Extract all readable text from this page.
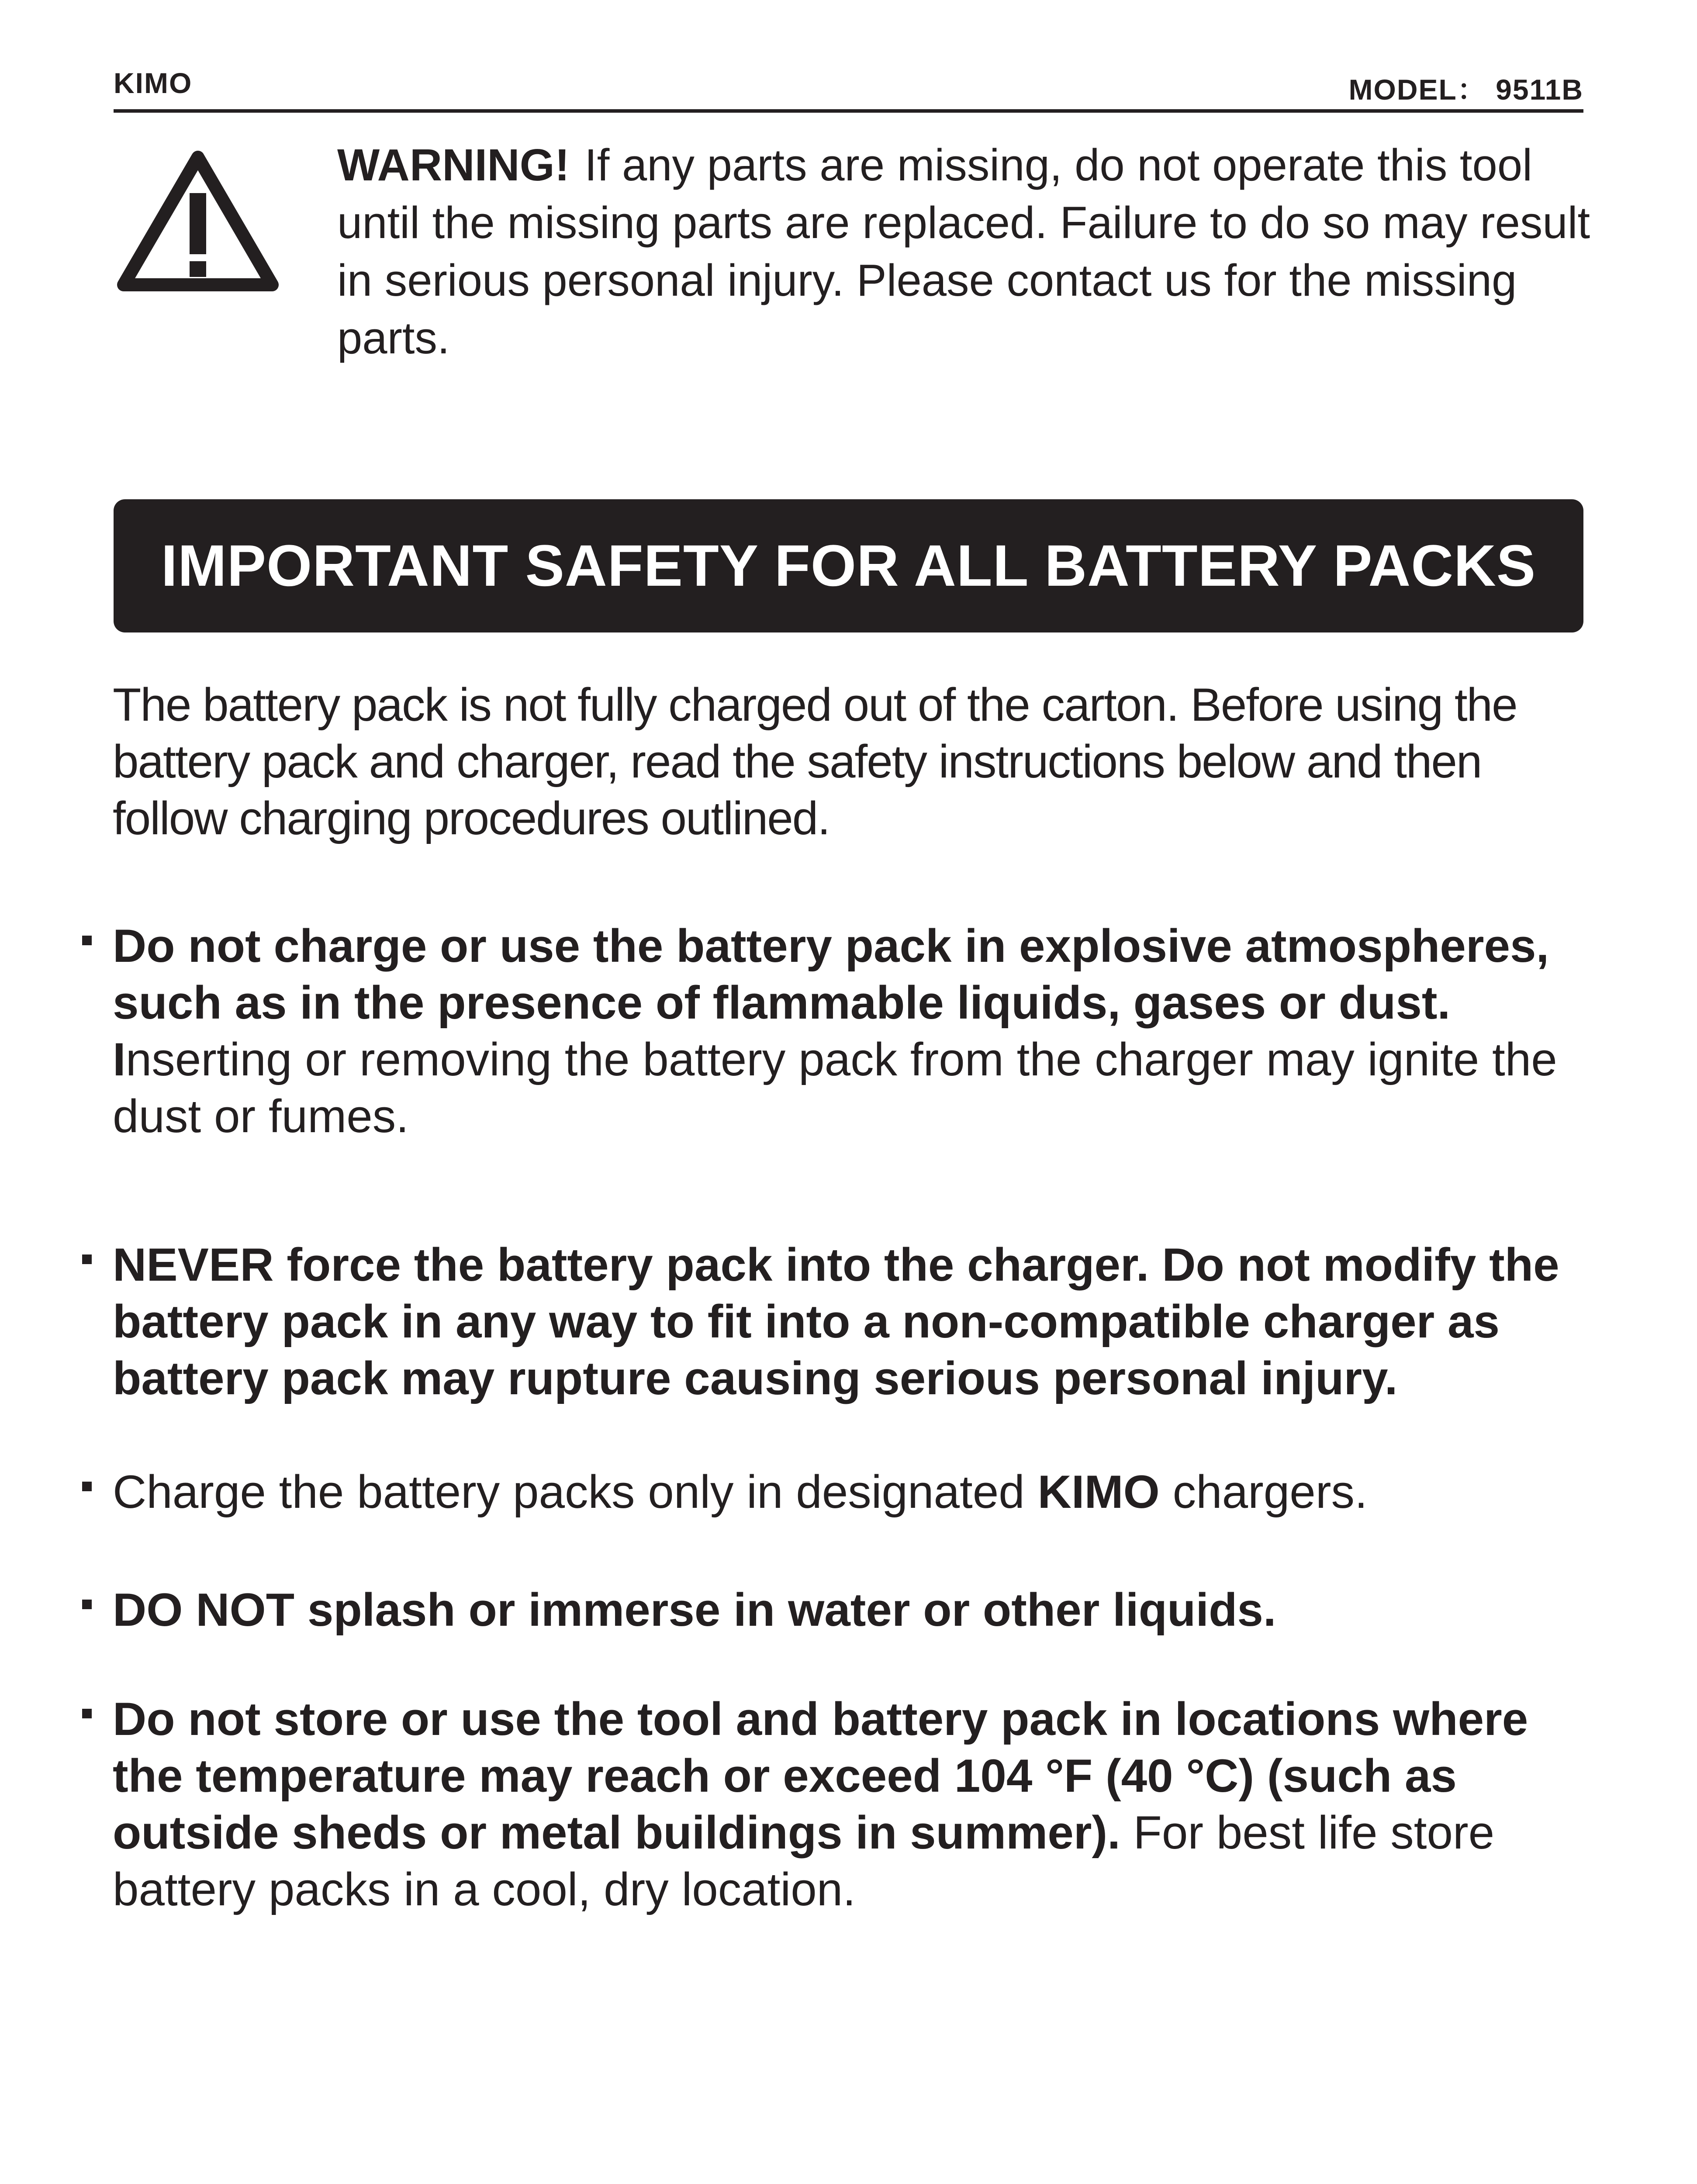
KIMO	MODEL： 9511B
WARNING! If any parts are missing, do not operate this tool until the missing parts are replaced. Failure to do so may result in serious personal injury. Please contact us for the missing parts.
IMPORTANT SAFETY FOR ALL BATTERY PACKS
The battery pack is not fully charged out of the carton. Before using the battery pack and charger, read the safety instructions below and then follow charging procedures outlined.
Do not charge or use the battery pack in explosive atmospheres, such as in the presence of flammable liquids, gases or dust. Inserting or removing the battery pack from the charger may ignite the dust or fumes.
NEVER force the battery pack into the charger. Do not modify the battery pack in any way to fit into a non-compatible charger as battery pack may rupture causing serious personal injury.
Charge the battery packs only in designated KIMO chargers.
DO NOT splash or immerse in water or other liquids.
Do not store or use the tool and battery pack in locations where the temperature may reach or exceed 104 °F (40 °C) (such as outside sheds or metal buildings in summer). For best life store battery packs in a cool, dry location.
